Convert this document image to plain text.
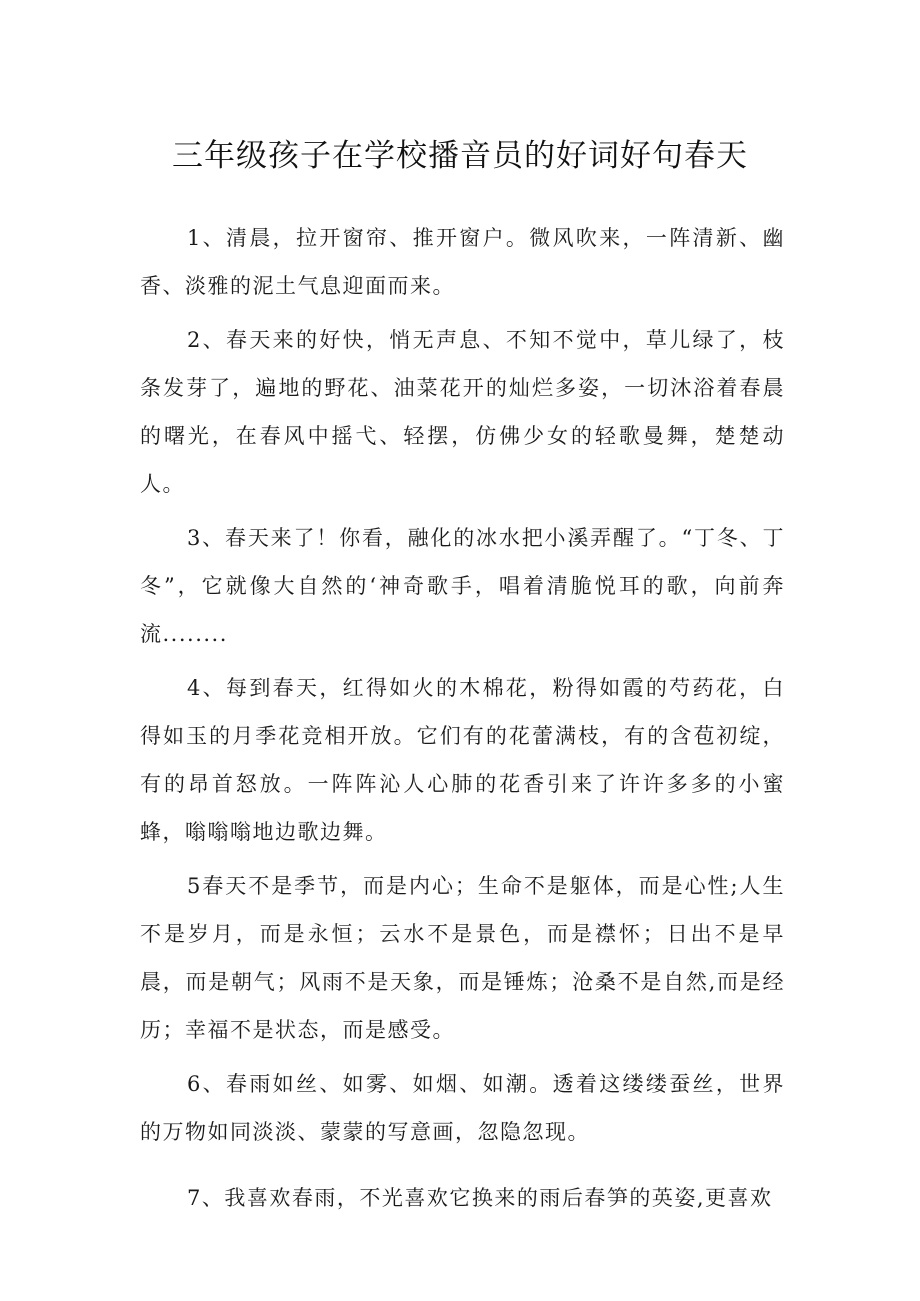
三年级孩子在学校播音员的好词好句春天

1、清晨，拉开窗帘、推开窗户。微风吹来，一阵清新、幽香、淡雅的泥土气息迎面而来。

2、春天来的好快，悄无声息、不知不觉中，草儿绿了，枝条发芽了，遍地的野花、油菜花开的灿烂多姿，一切沐浴着春晨的曙光，在春风中摇弋、轻摆，仿佛少女的轻歌曼舞，楚楚动人。

3、春天来了！你看，融化的冰水把小溪弄醒了。“丁冬、丁冬”，它就像大自然的‘神奇歌手，唱着清脆悦耳的歌，向前奔流........

4、每到春天，红得如火的木棉花，粉得如霞的芍药花，白得如玉的月季花竞相开放。它们有的花蕾满枝，有的含苞初绽，有的昂首怒放。一阵阵沁人心肺的花香引来了许许多多的小蜜蜂，嗡嗡嗡地边歌边舞。

5春天不是季节，而是内心；生命不是躯体，而是心性;人生不是岁月，而是永恒；云水不是景色，而是襟怀；日出不是早晨，而是朝气；风雨不是天象，而是锤炼；沧桑不是自然,而是经历；幸福不是状态，而是感受。

6、春雨如丝、如雾、如烟、如潮。透着这缕缕蚕丝，世界的万物如同淡淡、蒙蒙的写意画，忽隐忽现。

7、我喜欢春雨，不光喜欢它换来的雨后春笋的英姿,更喜欢
